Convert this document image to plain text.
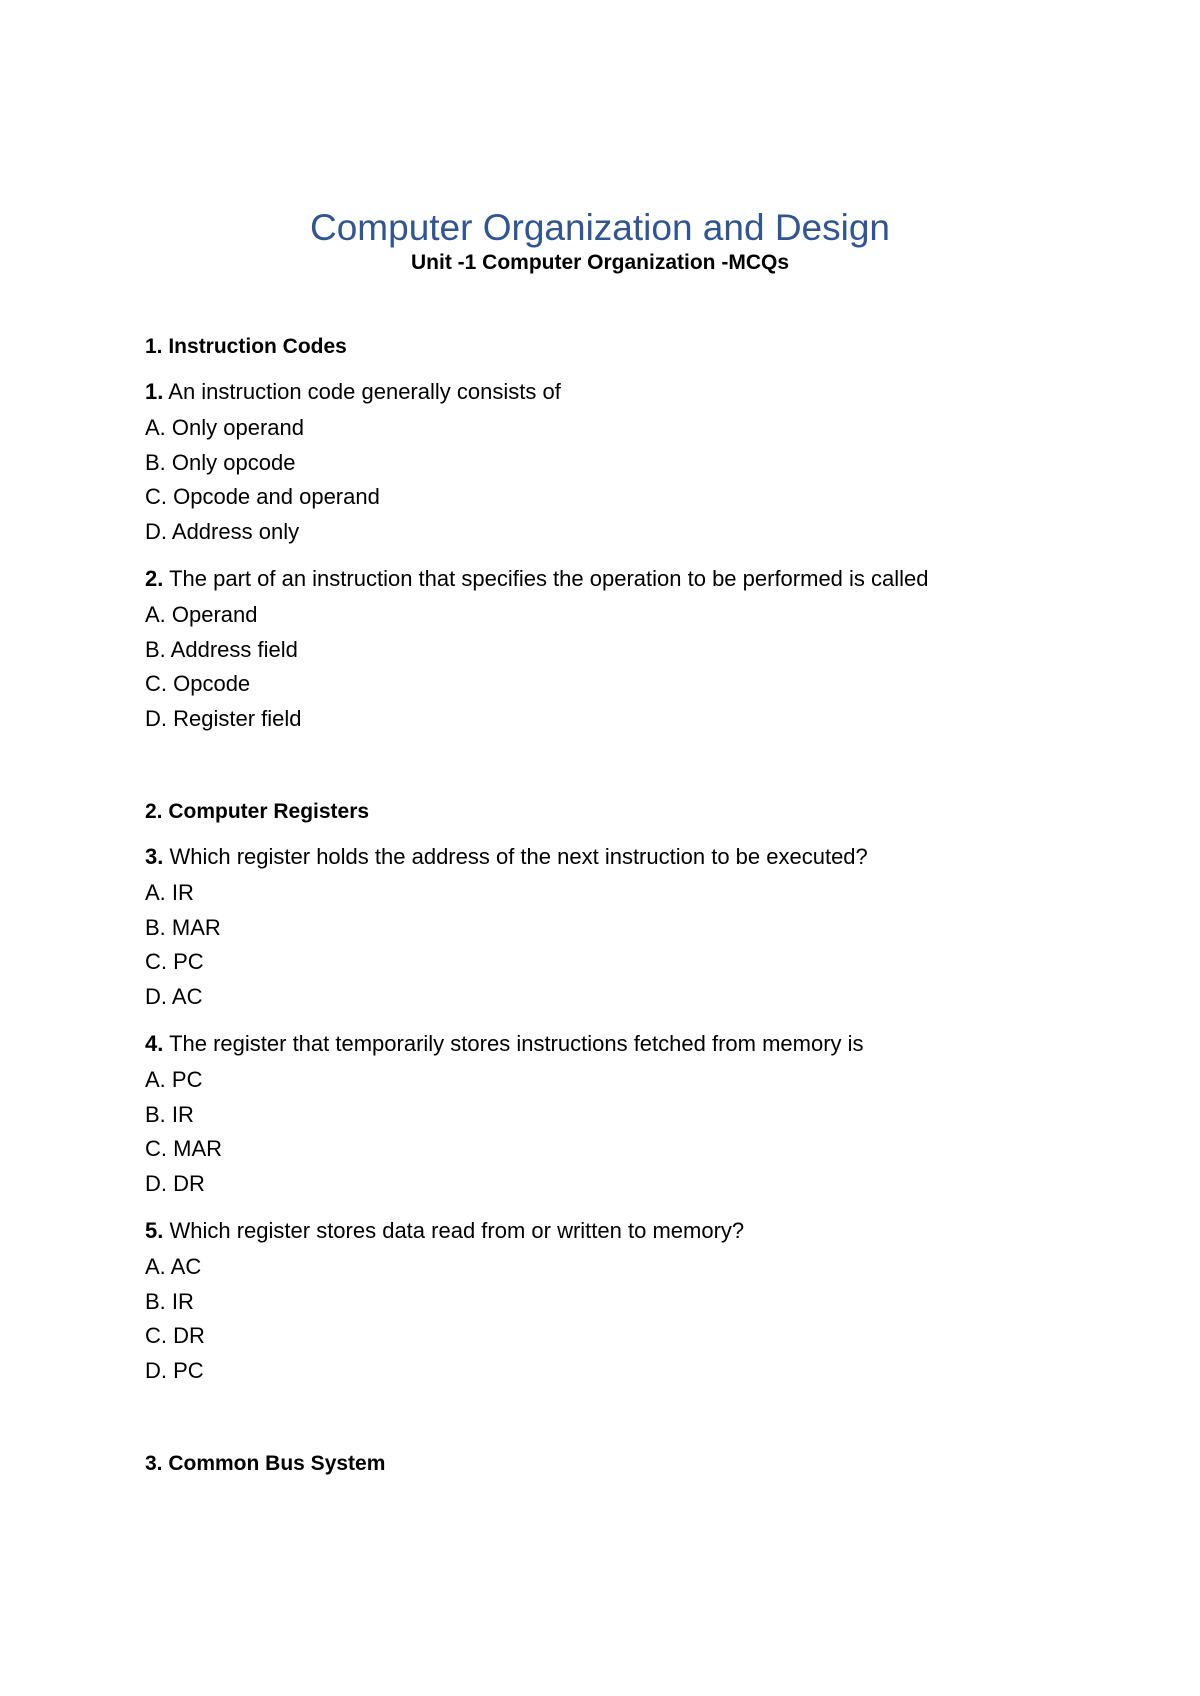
Computer Organization and Design
Unit -1 Computer Organization -MCQs
1. Instruction Codes
1. An instruction code generally consists of
A. Only operand
B. Only opcode
C. Opcode and operand
D. Address only
2. The part of an instruction that specifies the operation to be performed is called
A. Operand
B. Address field
C. Opcode
D. Register field
2. Computer Registers
3. Which register holds the address of the next instruction to be executed?
A. IR
B. MAR
C. PC
D. AC
4. The register that temporarily stores instructions fetched from memory is
A. PC
B. IR
C. MAR
D. DR
5. Which register stores data read from or written to memory?
A. AC
B. IR
C. DR
D. PC
3. Common Bus System
